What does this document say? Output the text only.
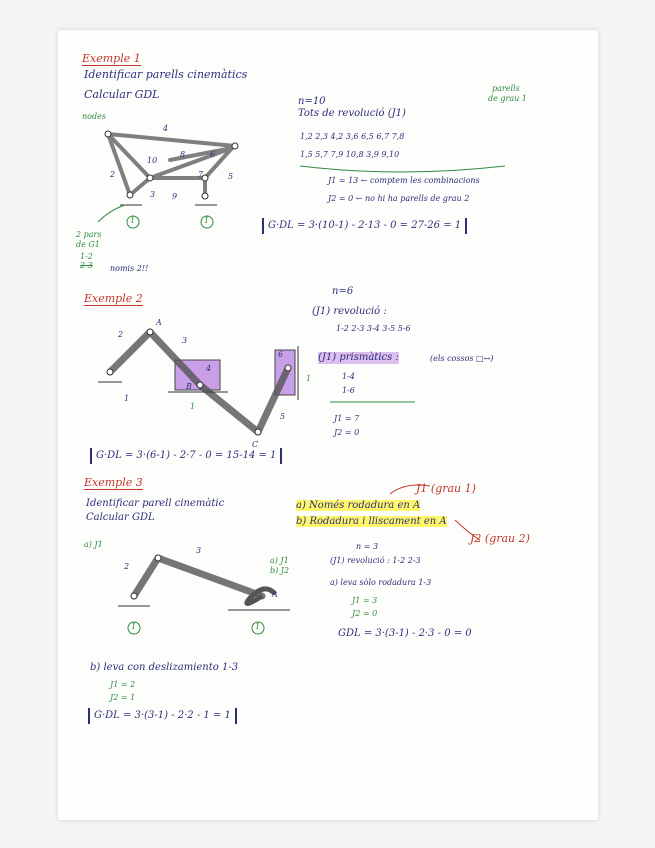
Exemple 1
Identificar parells cinemàtics
Calcular GDL
nodes
4
10
8	6
2	7	5
3 9
1	1
2 pars
de G1
1-2
2-3 nomis 2!!
n=10
Tots de revolució (J1)
parells
de grau 1
1,2 2,3 4,2 3,6 6,5 6,7 7,8
1,5 5,7 7,9 10,8 3,9 9,10
J1 = 13 ← comptem les combinacions
J2 = 0 ← no hi ha parells de grau 2
G·DL = 3·(10-1) - 2·13 - 0 = 27-26 = 1
Exemple 2
2
A
3
4
B
1
6
1
5
C
1
n=6
(J1) revolució :
1-2 2-3 3-4 3-5 5-6
(J1) prismàtics :	(els cossos □↔)
1-4
1-6
J1 = 7
J2 = 0
G·DL = 3·(6-1) - 2·7 - 0 = 15-14 = 1
Exemple 3
Identificar parell cinemàtic
Calcular GDL
a) Només rodadura en A
b) Rodadura i lliscament en A
J1 (grau 1)
J2 (grau 2)
a) J1
a) J1
b) J2
2
3
A
1	1
n = 3
(J1) revolució : 1-2 2-3
a) leva sòlo rodadura 1-3
J1 = 3
J2 = 0
GDL = 3·(3-1) - 2·3 - 0 = 0
b) leva con deslizamiento 1-3
J1 = 2
J2 = 1
G·DL = 3·(3-1) - 2·2 - 1 = 1
